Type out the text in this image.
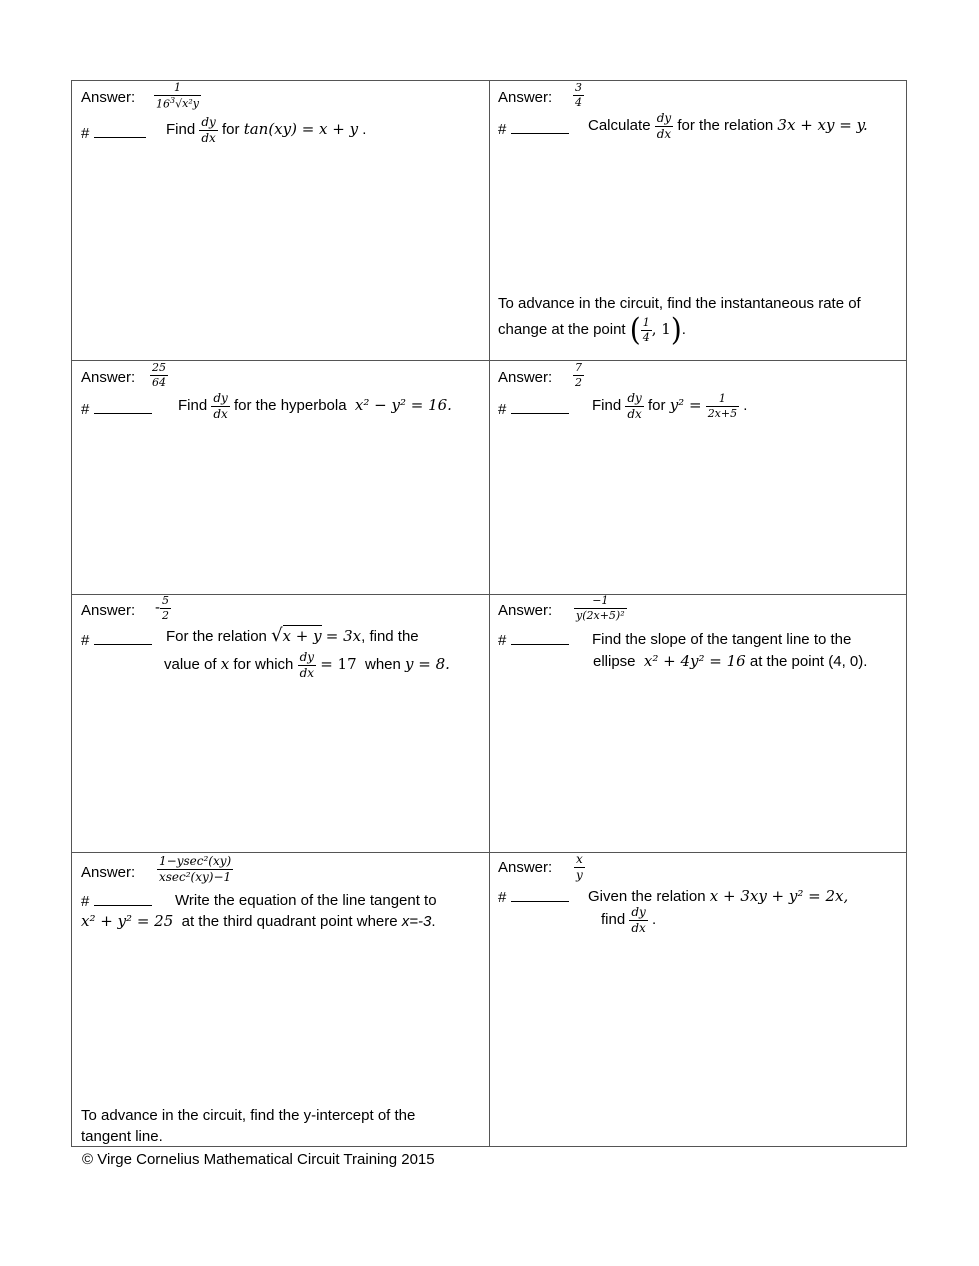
Answer: $\frac{1}{16^3√x^2y}$
#	Find $\frac{dy}{dx}$ for tan(xy) = x + y .
Answer: $\frac{3}{4}$
#	Calculate $\frac{dy}{dx}$ for the relation 3x + xy = y.
To advance in the circuit, find the instantaneous rate of
change at the point ( $\frac{1}{4}$ , 1).
Answer: $\frac{25}{64}$
#	Find $\frac{dy}{dx}$ for the hyperbola x² − y² = 16.
Answer: $\frac{7}{2}$
#	Find $\frac{dy}{dx}$ for $y^2 = \frac{1}{2x+5}$ .
Answer: - $\frac{5}{2}$
#	For the relation √x + y = 3x, find the
value of x for which $\frac{dy}{dx} = 17$ when y = 8.
Answer: $\frac{-1}{\text{y(2x+5)²}}$
#	Find the slope of the tangent line to the
ellipse x² + 4y² = 16 at the point (4, 0).
Answer: $\frac{\text{1−ysec²(xy)}}{\text{xsec²(xy)−1}}$
#	Write the equation of the line tangent to
x² + y² = 25 at the third quadrant point where x=-3.
To advance in the circuit, find the y-intercept of the
tangent line.
Answer: $\frac{x}{y}$
#	Given the relation x + 3xy + y² = 2x,
find $\frac{dy}{dx}$ .
© Virge Cornelius Mathematical Circuit Training 2015
